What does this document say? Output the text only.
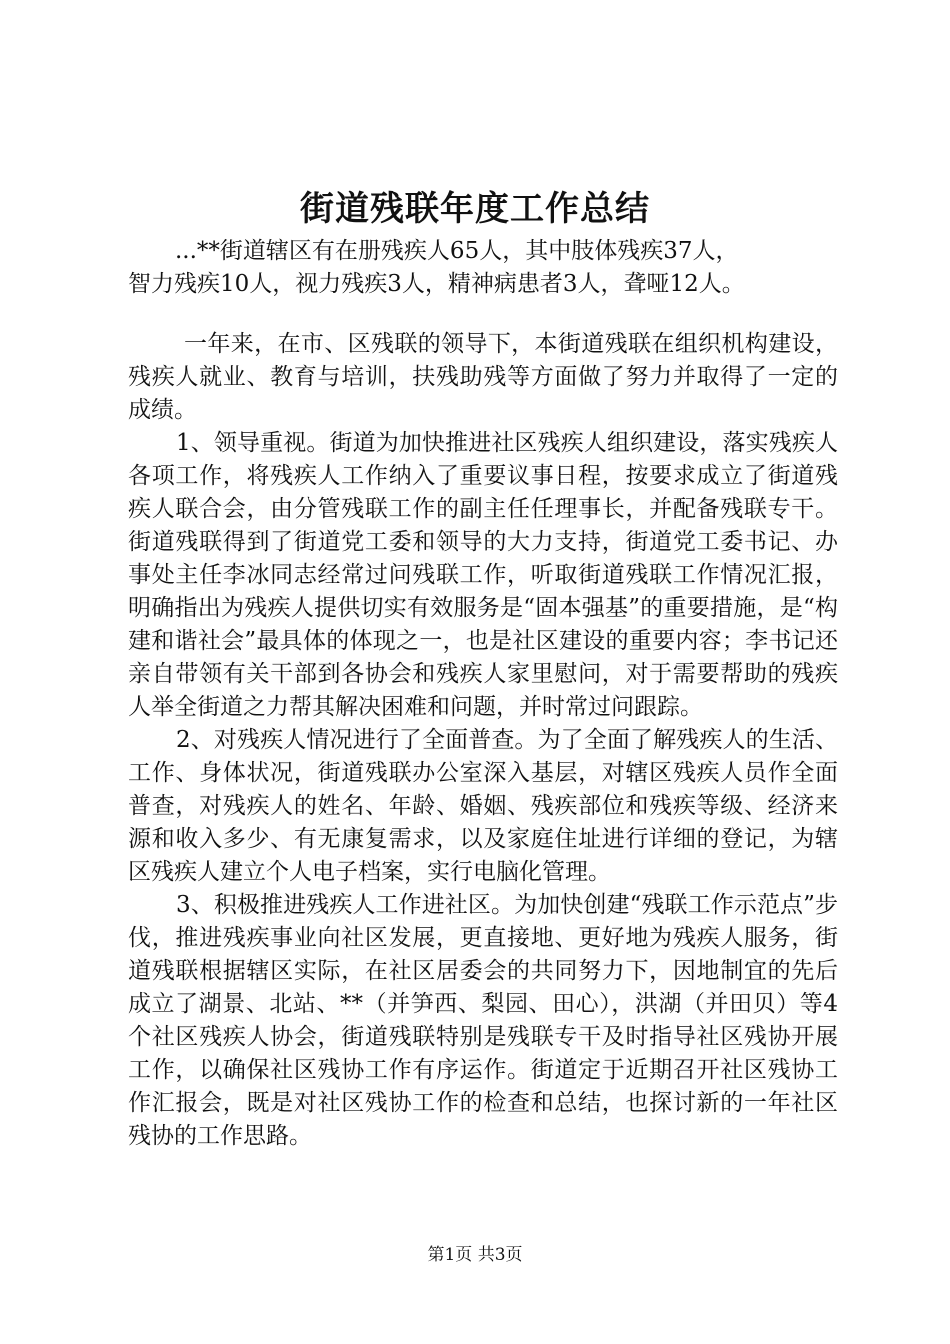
街道残联年度工作总结
...**街道辖区有在册残疾人65人，其中肢体残疾37人，
智力残疾10人，视力残疾3人，精神病患者3人，聋哑12人。

一年来，在市、区残联的领导下，本街道残联在组织机构建设，残疾人就业、教育与培训，扶残助残等方面做了努力并取得了一定的成绩。

1、领导重视。街道为加快推进社区残疾人组织建设，落实残疾人各项工作，将残疾人工作纳入了重要议事日程，按要求成立了街道残疾人联合会，由分管残联工作的副主任任理事长，并配备残联专干。街道残联得到了街道党工委和领导的大力支持，街道党工委书记、办事处主任李冰同志经常过问残联工作，听取街道残联工作情况汇报，明确指出为残疾人提供切实有效服务是“固本强基”的重要措施，是“构建和谐社会”最具体的体现之一，也是社区建设的重要内容；李书记还亲自带领有关干部到各协会和残疾人家里慰问，对于需要帮助的残疾人举全街道之力帮其解决困难和问题，并时常过问跟踪。

2、对残疾人情况进行了全面普查。为了全面了解残疾人的生活、工作、身体状况，街道残联办公室深入基层，对辖区残疾人员作全面普查，对残疾人的姓名、年龄、婚姻、残疾部位和残疾等级、经济来源和收入多少、有无康复需求，以及家庭住址进行详细的登记，为辖区残疾人建立个人电子档案，实行电脑化管理。

3、积极推进残疾人工作进社区。为加快创建“残联工作示范点”步伐，推进残疾事业向社区发展，更直接地、更好地为残疾人服务，街道残联根据辖区实际，在社区居委会的共同努力下，因地制宜的先后成立了湖景、北站、**（并笋西、梨园、田心），洪湖（并田贝）等4个社区残疾人协会，街道残联特别是残联专干及时指导社区残协开展工作，以确保社区残协工作有序运作。街道定于近期召开社区残协工作汇报会，既是对社区残协工作的检查和总结，也探讨新的一年社区残协的工作思路。

第1页 共3页
